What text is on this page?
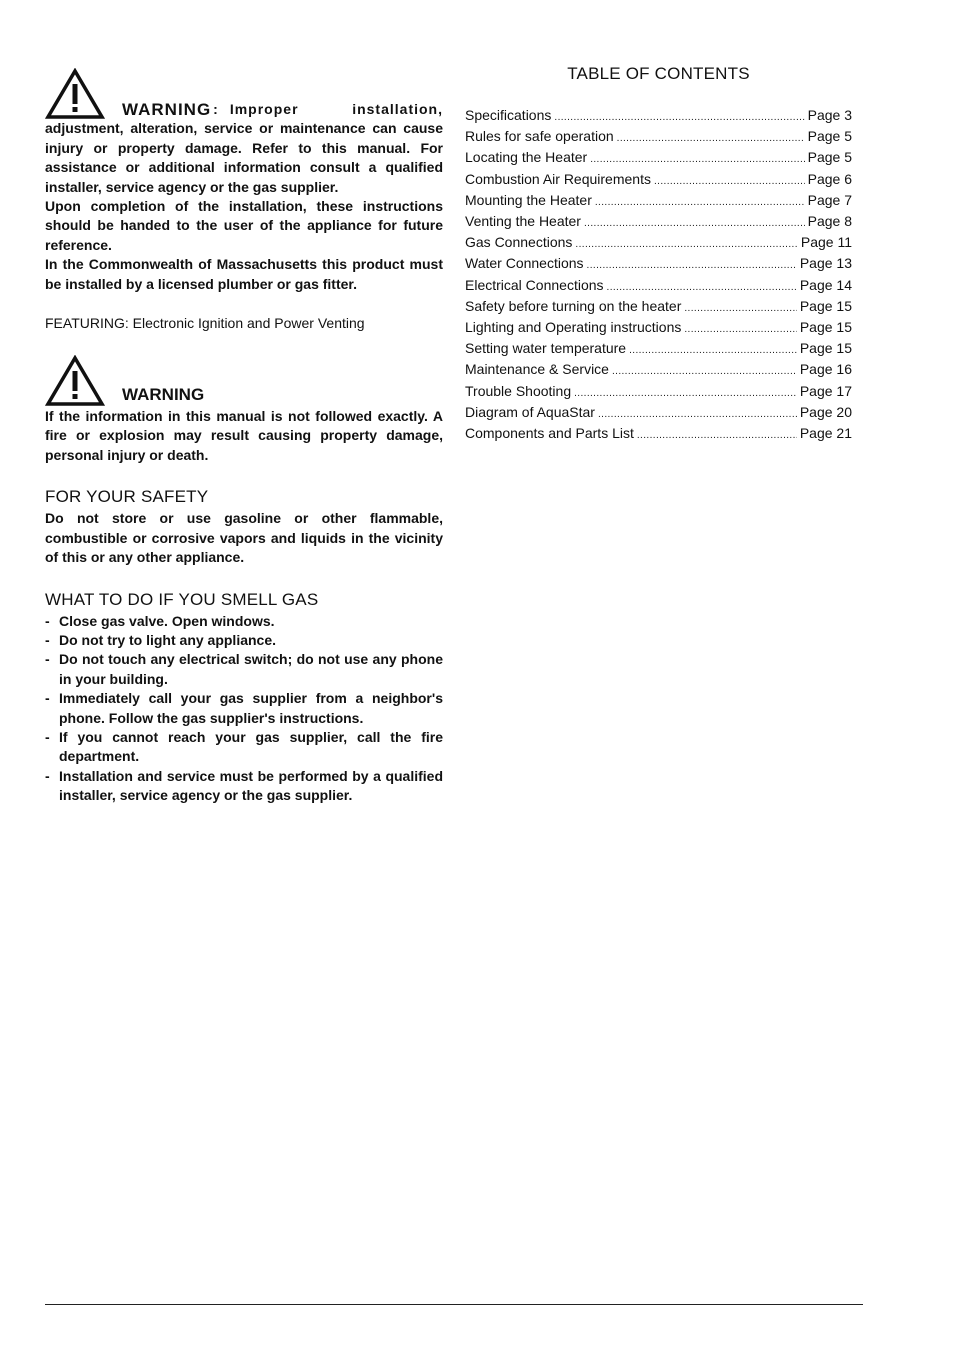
WARNING : Improper installation,

adjustment, alteration, service or maintenance can cause injury or property damage. Refer to this manual. For assistance or additional information consult a qualified installer, service agency or the gas supplier.

Upon completion of the installation, these instructions should be handed to the user of the appliance for future reference.

In the Commonwealth of Massachusetts this product must be installed by a licensed plumber or gas fitter.

FEATURING: Electronic Ignition and Power Venting
WARNING

If the information in this manual is not followed exactly. A fire or explosion may result causing property damage, personal injury or death.

FOR YOUR SAFETY

Do not store or use gasoline or other flammable, combustible or corrosive vapors and liquids in the vicinity of this or any other appliance.

WHAT TO DO IF YOU SMELL GAS
- Close gas valve. Open windows.
- Do not try to light any appliance.
- Do not touch any electrical switch; do not use any phone in your building.
- Immediately call your gas supplier from a neighbor's phone. Follow the gas supplier's instructions.
- If you cannot reach your gas supplier, call the fire department.
- Installation and service must be performed by a qualified installer, service agency or the gas supplier.
TABLE OF CONTENTS
Specifications .....	Page 3
Rules for safe operation .....	Page 5
Locating the Heater .....	Page 5
Combustion Air Requirements .....	Page 6
Mounting the Heater .....	Page 7
Venting the Heater .....	Page 8
Gas Connections .....	Page 11
Water Connections .....	Page 13
Electrical Connections .....	Page 14
Safety before turning on the heater .....	Page 15
Lighting and Operating instructions .....	Page 15
Setting water temperature .....	Page 15
Maintenance & Service .....	Page 16
Trouble Shooting .....	Page 17
Diagram of AquaStar .....	Page 20
Components and Parts List .....	Page 21
